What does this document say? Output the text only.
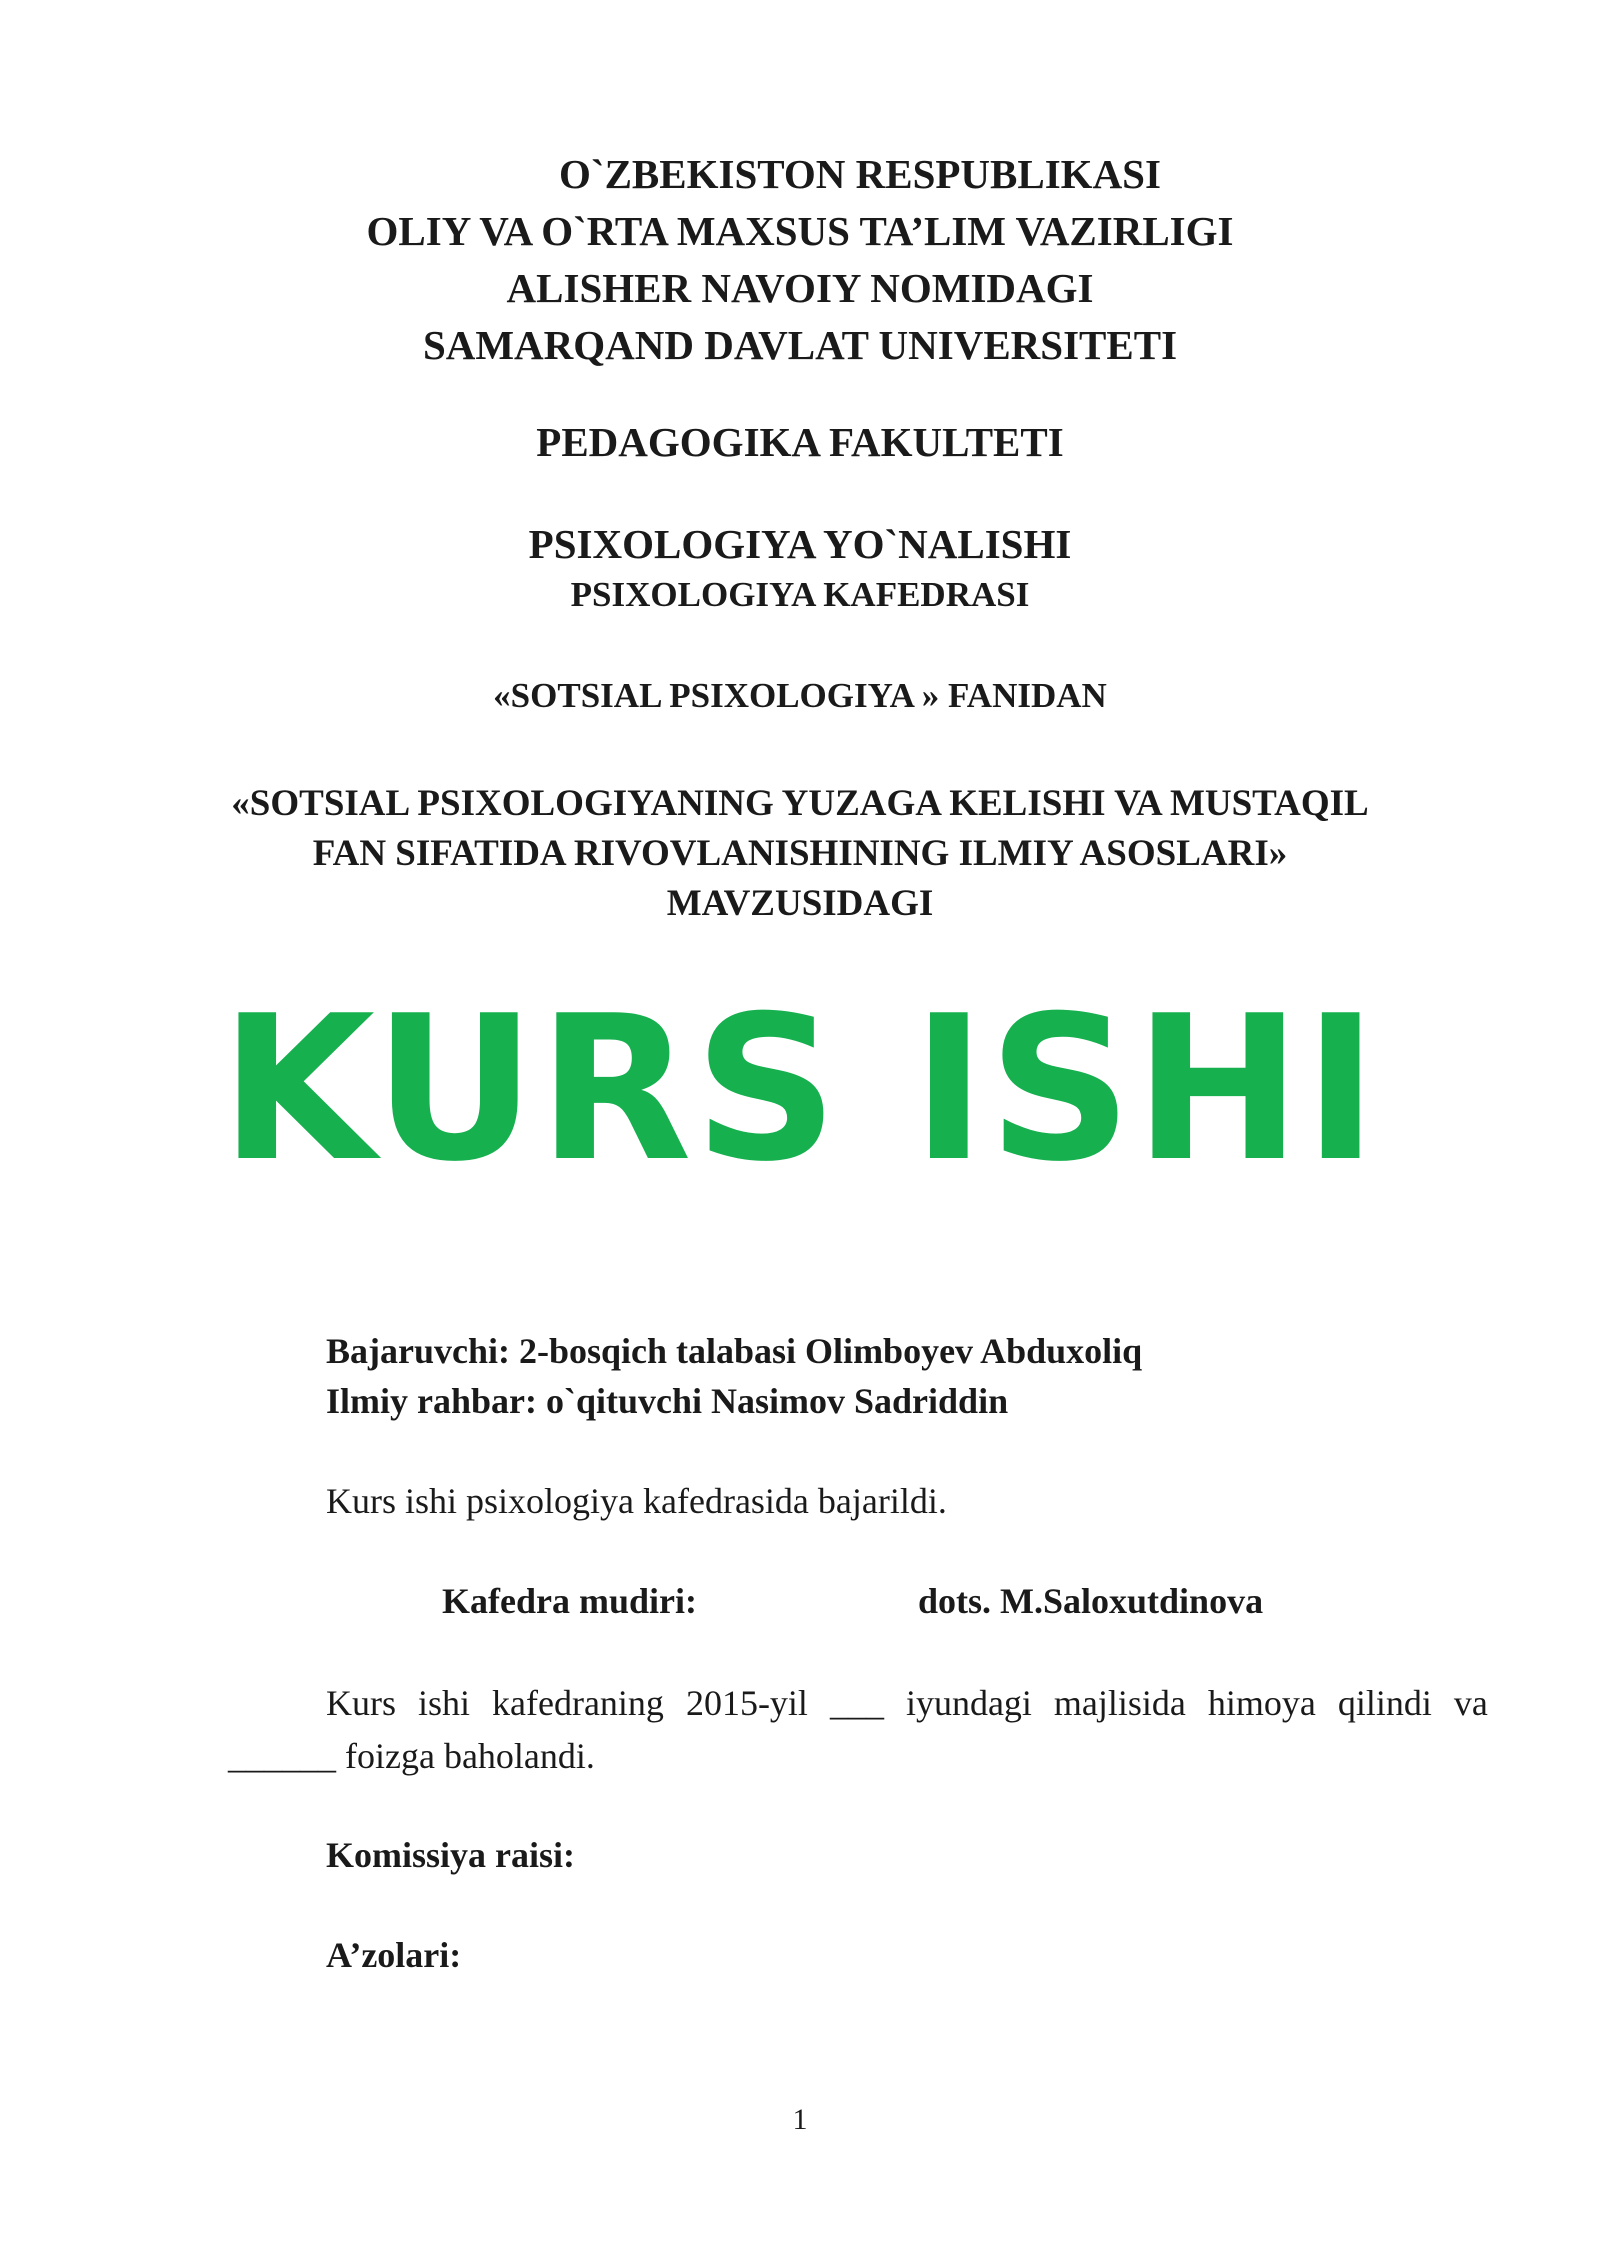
O`ZBEKISTON RESPUBLIKASI
OLIY VA O`RTA MAXSUS TA’LIM VAZIRLIGI
ALISHER NAVOIY NOMIDAGI
SAMARQAND DAVLAT UNIVERSITETI
PEDAGOGIKA FAKULTETI
PSIXOLOGIYA YO`NALISHI
PSIXOLOGIYA KAFEDRASI
«SOTSIAL PSIXOLOGIYA » FANIDAN
«SOTSIAL PSIXOLOGIYANING YUZAGA KELISHI VA MUSTAQIL
FAN SIFATIDA RIVOVLANISHINING ILMIY ASOSLARI»
MAVZUSIDAGI
KURS ISHI
Bajaruvchi: 2-bosqich talabasi Olimboyev Abduxoliq
Ilmiy rahbar: o`qituvchi Nasimov Sadriddin
Kurs ishi psixologiya kafedrasida bajarildi.
Kafedra mudiri:	dots. M.Saloxutdinova
Kurs ishi kafedraning 2015-yil ___ iyundagi majlisida himoya qilindi va
______ foizga baholandi.
Komissiya raisi:
A’zolari:
1
